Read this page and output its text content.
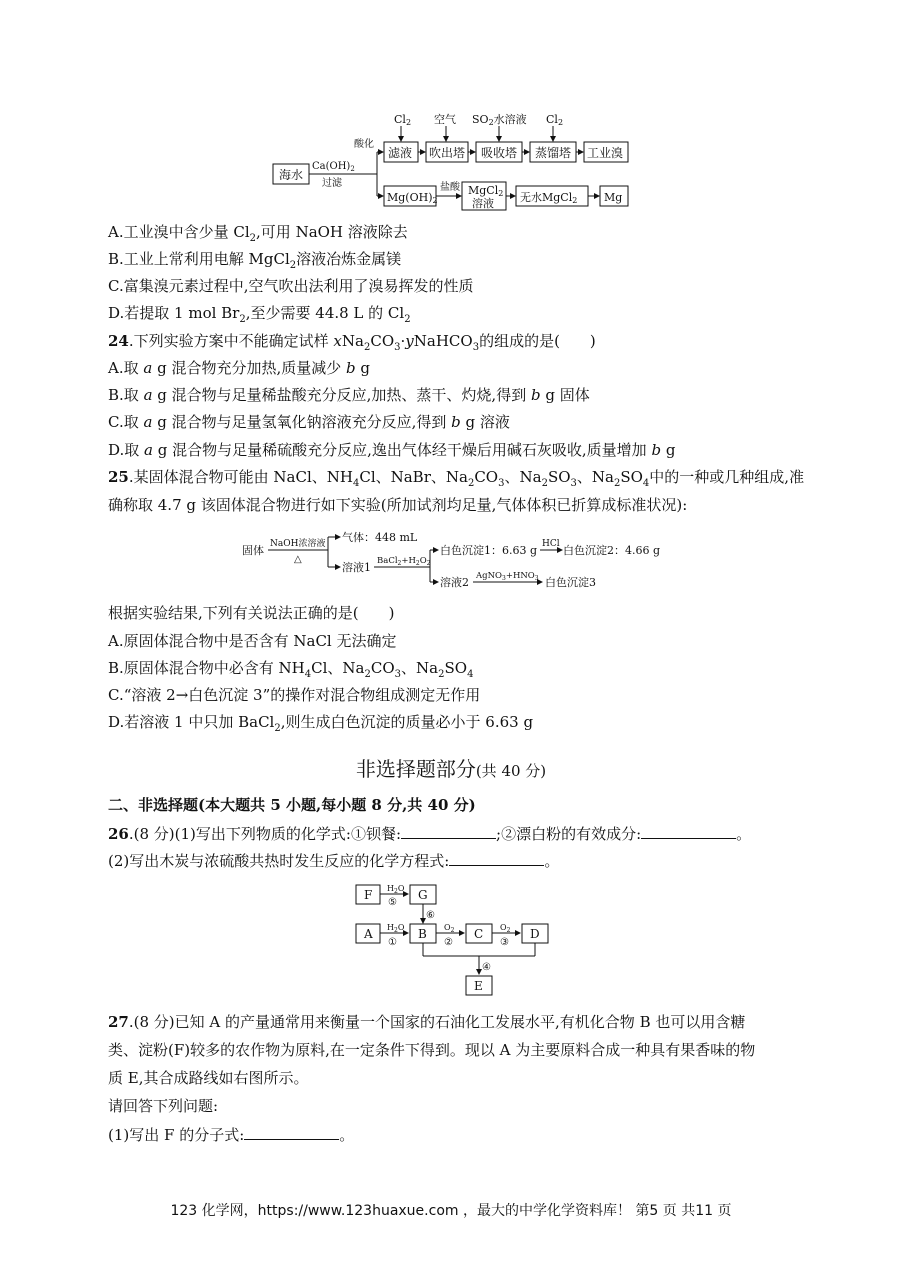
海水
$Ca(OH)_2$
过滤
酸化
盐酸
Cl2 空气 SO2水溶液 Cl2
滤液 吹出塔 吸收塔 蒸馏塔 工业溴
Mg(OH)2
MgCl2
溶液 无水MgCl2 Mg
A.工业溴中含少量 $Cl_2$,可用 NaOH 溶液除去
B.工业上常利用电解 MgCl$_2$溶液冶炼金属镁
C.富集溴元素过程中,空气吹出法利用了溴易挥发的性质
D.若提取 1 mol $Br_2$,至少需要 44.8 L 的 $Cl_2$
24.下列实验方案中不能确定试样 $xNa_2CO_3\cdot yNaHCO_3$的组成的是(　　)
A.取 a g 混合物充分加热,质量减少 b g
B.取 a g 混合物与足量稀盐酸充分反应,加热、蒸干、灼烧,得到 b g 固体
C.取 a g 混合物与足量氢氧化钠溶液充分反应,得到 b g 溶液
D.取 a g 混合物与足量稀硫酸充分反应,逸出气体经干燥后用碱石灰吸收,质量增加 b g
25.某固体混合物可能由 NaCl、$NH_4Cl$、NaBr、$Na_2CO_3$、$Na_2SO_3$、$Na_2SO_4$中的一种或几种组成,准
确称取 4.7 g 该固体混合物进行如下实验(所加试剂均足量,气体体积已折算成标准状况):
固体 NaOH浓溶液
△
气体：448 mL
溶液1 $BaCl_2+H_2O_2$
白色沉淀1：6.63 g HCl 白色沉淀2：4.66 g
溶液2 $AgNO_3+HNO_3$ 白色沉淀3
根据实验结果,下列有关说法正确的是(　　)
A.原固体混合物中是否含有 NaCl 无法确定
B.原固体混合物中必含有 $NH_4Cl$、$Na_2CO_3$、$Na_2SO_4$
C.“溶液 2→白色沉淀 3”的操作对混合物组成测定无作用
D.若溶液 1 中只加 BaCl$_2$,则生成白色沉淀的质量必小于 6.63 g
非选择题部分(共 40 分)
二、非选择题(本大题共 5 小题,每小题 8 分,共 40 分)
26.(8 分)(1)写出下列物质的化学式:①钡餐:	;②漂白粉的有效成分:	。
(2)写出木炭与浓硫酸共热时发生反应的化学方程式:	。
F	G
A	B	C	D
E
$H_2O$
⑤
⑥
$H_2O$
①
$O_2$
②
$O_2$
③
④
27.(8 分)已知 A 的产量通常用来衡量一个国家的石油化工发展水平,有机化合物 B 也可以用含糖
类、淀粉(F)较多的农作物为原料,在一定条件下得到。现以 A 为主要原料合成一种具有果香味的物
质 E,其合成路线如右图所示。
请回答下列问题:
(1)写出 F 的分子式:	。
123 化学网，https://www.123huaxue.com ，最大的中学化学资料库！ 第5 页 共11 页
